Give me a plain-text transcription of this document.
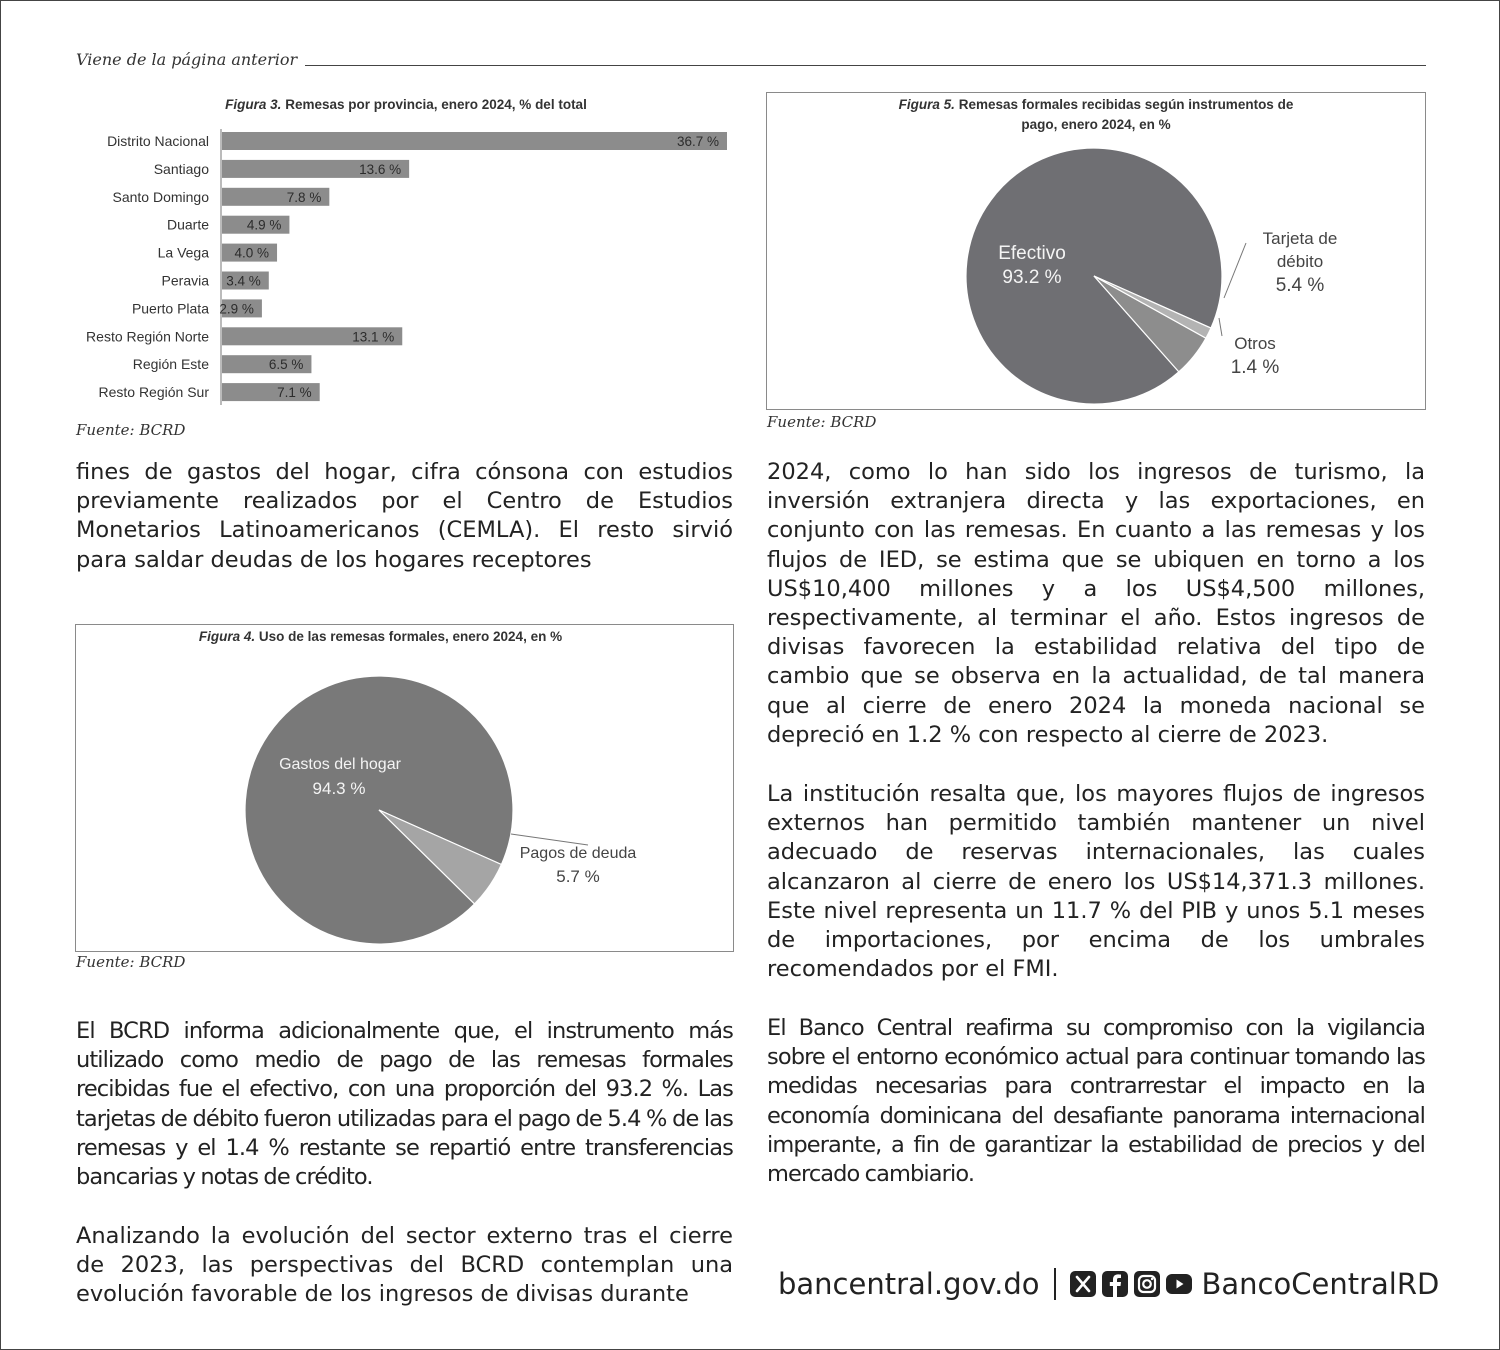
Viene de la página anterior
Figura 3. Remesas por provincia, enero 2024, % del total
Distrito Nacional	36.7 %
Santiago	13.6 %
Santo Domingo	7.8 %
Duarte	4.9 %
La Vega 4.0 %
Peravia 3.4 %
Puerto Plata 2.9 %
Resto Región Norte	13.1 %
Región Este	6.5 %
Resto Región Sur	7.1 %
Fuente: BCRD
Figura 5. Remesas formales recibidas según instrumentos de
pago, enero 2024, en %
Efectivo
93.2 %
Tarjeta de
débito
5.4 %
Otros
1.4 %
Fuente: BCRD

fines de gastos del hogar, cifra cónsona con estudios previamente realizados por el Centro de Estudios Monetarios Latinoamericanos (CEMLA). El resto sirvió para saldar deudas de los hogares receptores

Figura 4. Uso de las remesas formales, enero 2024, en %
Gastos del hogar
94.3 %
Pagos de deuda
5.7 %
Fuente: BCRD

El BCRD informa adicionalmente que, el instrumento más utilizado como medio de pago de las remesas formales recibidas fue el efectivo, con una proporción del 93.2 %. Las tarjetas de débito fueron utilizadas para el pago de 5.4 % de las remesas y el 1.4 % restante se repartió entre transferencias bancarias y notas de crédito.

Analizando la evolución del sector externo tras el cierre de 2023, las perspectivas del BCRD contemplan una evolución favorable de los ingresos de divisas durante

2024, como lo han sido los ingresos de turismo, la inversión extranjera directa y las exportaciones, en conjunto con las remesas. En cuanto a las remesas y los flujos de IED, se estima que se ubiquen en torno a los US$10,400 millones y a los US$4,500 millones, respectivamente, al terminar el año. Estos ingresos de divisas favorecen la estabilidad relativa del tipo de cambio que se observa en la actualidad, de tal manera que al cierre de enero 2024 la moneda nacional se depreció en 1.2 % con respecto al cierre de 2023.

La institución resalta que, los mayores flujos de ingresos externos han permitido también mantener un nivel adecuado de reservas internacionales, las cuales alcanzaron al cierre de enero los US$14,371.3 millones. Este nivel representa un 11.7 % del PIB y unos 5.1 meses de importaciones, por encima de los umbrales recomendados por el FMI.

El Banco Central reafirma su compromiso con la vigilancia sobre el entorno económico actual para continuar tomando las medidas necesarias para contrarrestar el impacto en la economía dominicana del desafiante panorama internacional imperante, a fin de garantizar la estabilidad de precios y del mercado cambiario.

bancentral.gov.do	BancoCentralRD
